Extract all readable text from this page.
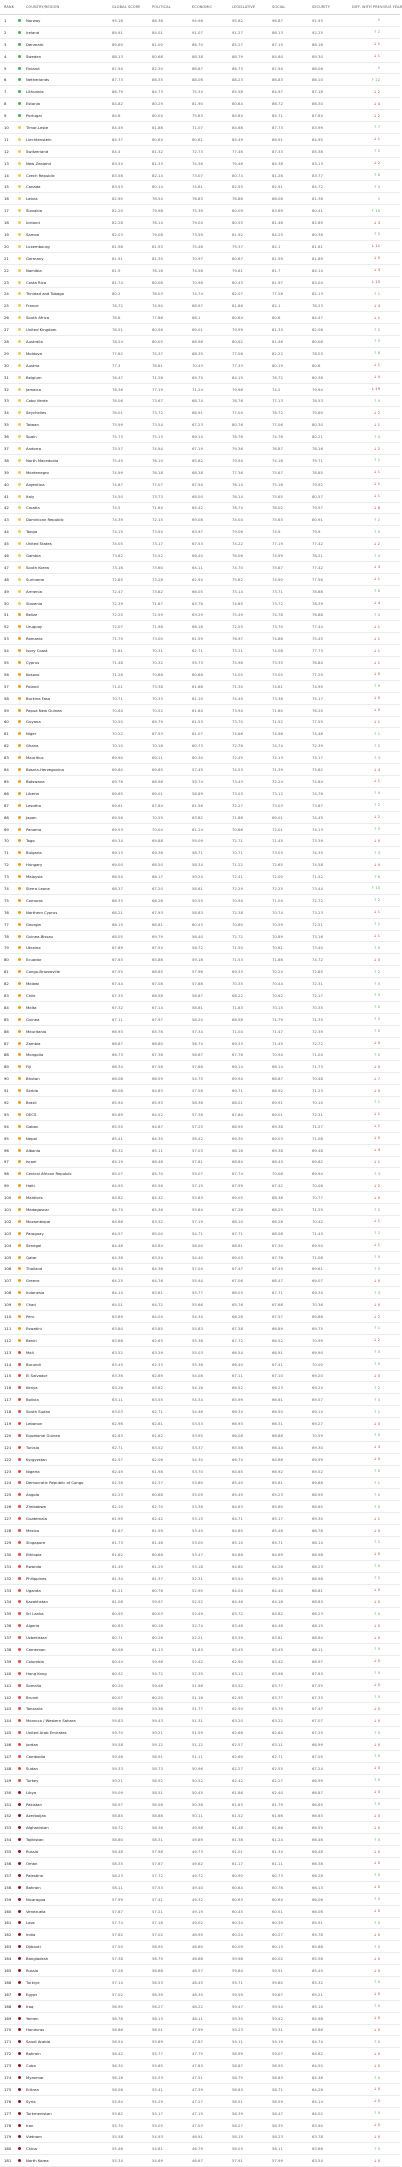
RANK	COUNTRY/REGION	GLOBAL SCORE	POLITICAL	ECONOMIC	LEGISLATIVE	SOCIAL	SECURITY	DIFF. WITH PREVIOUS YEAR
1	Norway	95.18	88.38	94.96	95.62	96.87	91.93	0
2	Ireland	89.91	84.01	91.07	91.27	86.13	92.25	↑ 2
3	Denmark	89.60	81.00	86.70	85.27	87.15	88.16	↓ 1
4	Sweden	88.13	80.68	88.38	88.79	84.60	89.30	↓ 1
5	Finland	87.94	82.30	86.87	86.73	87.94	88.06	0
6	Netherlands	87.73	86.35	88.06	88.23	86.83	86.10	↑ 22
7	Lithuania	86.79	84.73	75.34	85.58	84.97	87.18	↓ 2
8	Estonia	84.82	80.29	81.90	80.84	86.72	86.30	↓ 4
9	Portugal	84.6	80.04	75.83	84.84	85.71	87.84	↓ 2
10	Timor-Leste	84.49	81.88	71.07	84.68	87.73	83.99	↑ 7
11	Liechtenstein	84.37	80.84	80.81	85.49	86.91	84.95	↓ 1
12	Switzerland	84.4	81.32	72.73	77.46	87.33	85.38	↑ 2
13	New Zealand	83.54	81.33	74.36	79.46	84.38	83.13	↓ 2
14	Czech Republic	83.58	82.14	73.07	80.74	81.26	83.77	↑ 6
15	Canada	83.53	80.14	74.61	82.55	82.91	84.72	↑ 4
16	Latvia	82.90	78.54	76.83	78.86	86.06	81.36	0
17	Slovakia	82.20	79.98	75.39	80.09	83.69	80.41	↑ 10
18	Iceland	82.28	78.14	79.04	80.55	81.46	82.89	↓ 3
19	Samoa	82.03	79.08	73.59	81.92	84.25	80.36	↑ 2
20	Luxembourg	81.98	81.93	75.46	79.37	82.1	81.61	↓ 11
21	Germany	81.91	81.35	70.97	80.87	81.59	81.89	↓ 5
22	Namibia	81.9	78.16	74.58	79.61	81.7	84.14	↓ 3
23	Costa Rica	81.74	80.08	70.96	80.43	81.97	83.04	↓ 15
24	Trinidad and Tobago	80.2	78.03	74.74	82.07	77.28	82.13	↑ 1
25	France	78.72	74.90	68.97	81.86	82.1	78.23	↓ 3
26	South Africa	78.6	77.86	66.1	80.84	80.8	84.47	↓ 1
27	United Kingdom	78.51	80.56	69.01	79.99	81.33	82.06	↑ 2
28	Australia	78.24	80.05	68.98	80.92	81.46	80.08	↑ 5
29	Moldova	77.62	75.37	68.35	77.06	82.22	78.03	↑ 8
30	Austria	77.3	78.61	70.43	77.33	80.19	80.8	↓ 1
31	Belgium	76.47	71.28	69.75	84.15	76.72	80.38	↓ 4
32	Jamaica	76.36	77.19	71.24	79.98	74.2	79.94	↓ 19
33	Cabo Verde	76.06	73.67	68.74	78.76	77.13	78.53	↑ 4
34	Seychelles	76.01	73.72	68.91	77.04	78.72	79.60	↓ 2
35	Taiwan	75.99	73.54	67.23	80.76	77.06	80.30	↓ 1
36	Spain	75.73	75.13	69.14	78.76	74.76	80.21	↑ 4
37	Andorra	75.57	74.94	67.19	79.36	76.87	78.16	↓ 2
38	North Macedonia	75.45	76.10	65.82	79.94	74.18	79.71	↑ 1
39	Montenegro	74.99	76.18	68.38	77.36	75.67	78.85	↓ 1
40	Argentina	74.87	77.07	67.94	76.14	75.16	79.92	↓ 1
41	Italy	74.50	73.73	68.00	76.14	75.65	80.57	↓ 1
42	Croatia	74.5	71.64	65.42	78.74	78.02	79.57	↓ 6
43	Dominican Republic	74.39	72.15	69.08	74.04	75.63	80.91	↑ 2
44	Tonga	74.15	73.94	63.97	79.06	74.9	79.9	↑ 5
45	United States	74.05	73.17	67.53	74.22	77.19	77.42	↓ 2
46	Gambia	73.82	75.52	66.40	76.06	74.99	78.21	↑ 4
47	South Korea	73.16	73.60	64.11	74.70	75.87	77.42	↓ 3
48	Suriname	72.85	73.28	62.94	75.82	74.90	77.56	↓ 1
49	Armenia	72.47	73.82	66.05	75.14	73.71	78.88	↑ 6
50	Slovenia	72.39	71.87	63.76	74.85	73.72	78.39	↓ 4
51	Belize	72.20	72.59	63.29	75.49	74.78	76.88	↑ 4
52	Uruguay	72.07	71.96	66.18	72.55	73.70	77.44	↓ 1
53	Romania	71.79	73.00	61.59	76.97	74.86	75.45	↓ 1
54	Ivory Coast	71.61	70.31	62.71	73.21	74.08	77.73	↓ 1
55	Cyprus	71.48	70.32	59.73	75.96	73.35	78.84	↓ 1
56	Kosovo	71.26	70.88	60.88	74.05	73.05	77.29	↓ 0
57	Poland	71.01	73.38	61.68	71.30	74.61	74.95	↑ 9
58	Burkina Faso	70.71	70.33	61.10	74.49	73.36	75.17	↓ 0
59	Papua New Guinea	70.64	70.52	61.64	73.94	71.60	76.20	↓ 0
60	Guyana	70.50	69.79	61.53	73.70	71.52	77.55	↓ 1
61	Niger	70.22	67.93	61.07	74.68	74.96	74.48	↑ 1
62	Ghana	70.10	70.18	60.73	72.76	74.74	72.39	↑ 2
63	Mauritius	69.90	69.11	60.30	72.45	72.13	75.17	↑ 3
64	Bosnia-Herzegovina	69.80	69.85	57.45	74.53	71.39	75.62	↓ 4
65	Botswana	69.76	68.98	59.74	73.43	72.24	74.84	↓ 1
66	Liberia	69.65	69.01	58.89	73.03	73.12	74.76	↑ 4
67	Lesotho	69.61	67.84	61.56	72.27	73.03	73.87	↑ 2
68	Japan	69.56	70.55	63.82	71.88	69.01	74.45	↓ 2
69	Panama	69.53	70.04	61.24	70.68	72.01	74.13	↑ 5
70	Togo	69.34	69.88	59.09	72.71	71.45	73.39	↓ 0
71	Bulgaria	69.13	69.36	58.71	70.71	73.03	74.35	↑ 3
72	Hungary	69.00	68.50	58.34	71.22	72.65	74.58	↓ 4
73	Malaysia	68.54	68.17	59.24	72.41	72.00	71.52	↑ 6
74	Sierra Leone	68.37	67.20	58.61	72.29	72.25	73.44	↑ 10
75	Comoros	68.33	68.26	59.55	70.94	71.04	72.72	↑ 2
76	Northern Cyprus	68.21	67.93	58.83	72.38	70.74	73.23	↓ 1
77	Georgia	68.15	68.81	60.43	70.80	70.59	72.51	↑ 1
78	Guinea-Bissau	68.05	69.79	56.40	72.72	70.89	73.16	↓ 1
79	Ukraine	67.89	67.54	58.72	71.50	70.81	73.40	↑ 0
80	Ecuador	67.63	65.88	59.18	71.53	71.86	74.72	↓ 0
81	Congo-Brazzaville	67.55	68.85	57.96	69.33	70.24	72.85	↑ 2
82	Malawi	67.44	67.08	57.88	70.35	70.44	72.31	↑ 0
83	Chile	67.35	68.58	58.87	68.22	70.62	72.17	↑ 3
84	Malta	67.32	67.14	58.61	71.83	70.15	70.35	↑ 5
85	Guinea	67.11	67.97	58.20	68.58	71.79	71.35	↑ 5
86	Mauritania	66.93	65.76	57.34	71.04	71.47	72.39	↑ 0
87	Zambia	66.87	66.80	56.74	69.33	71.45	72.72	↓ 0
88	Mongolia	66.73	67.36	58.67	67.76	70.94	71.04	↑ 5
89	Fiji	66.34	67.58	57.66	69.14	68.14	71.73	↓ 0
90	Bhutan	66.08	68.59	54.75	69.94	68.87	70.48	↓ 7
91	Serbia	66.06	64.83	57.58	69.71	68.92	71.23	↓ 0
92	Brazil	65.94	65.93	58.36	68.01	69.91	70.10	↑ 1
93	OECS	65.69	64.52	57.38	67.84	69.01	72.31	↓ 1
94	Gabon	65.50	64.87	57.25	68.95	69.38	71.27	↓ 1
95	Nepal	65.41	64.35	56.42	69.30	69.03	71.08	↓ 5
96	Albania	65.32	65.11	57.03	68.16	69.38	69.48	↓ 4
97	Israel	65.19	66.48	57.81	68.84	66.43	69.82	↓ 1
98	Central African Republic	65.07	65.70	55.07	67.74	70.08	69.94	↑ 3
99	Haiti	64.95	65.56	57.15	67.99	67.42	70.06	↓ 2
100	Maldives	64.82	64.32	55.83	69.05	68.38	70.77	↓ 0
101	Madagascar	64.75	65.36	55.84	67.28	68.25	71.25	↑ 2
102	Mozambique	64.66	63.32	57.19	68.10	68.28	70.42	↓ 1
103	Paraguay	64.57	65.00	54.71	67.71	68.08	71.43	↑ 2
104	Senegal	64.48	64.84	56.00	68.61	67.30	69.50	↓ 1
105	Qatar	64.38	63.54	54.40	69.03	67.78	71.08	↑ 0
106	Thailand	64.34	64.36	57.04	67.47	67.45	69.61	↑ 5
107	Greece	64.25	64.76	55.94	67.06	68.47	69.07	↓ 0
108	Indonesia	64.14	63.61	55.77	68.03	67.71	69.34	↑ 3
109	Chad	64.01	64.72	55.66	65.76	67.68	70.36	↓ 0
110	Peru	63.89	64.04	54.34	68.28	67.57	69.88	↓ 2
111	Eswatini	63.80	63.85	55.83	67.38	66.89	69.75	↑ 1
112	Benin	63.68	62.63	55.38	67.72	66.52	70.99	↓ 2
113	Mali	63.52	63.39	55.03	66.54	66.91	69.90	↑ 0
114	Burundi	63.45	62.33	55.36	66.40	67.41	70.00	↑ 5
115	El Salvador	63.36	62.89	54.08	67.11	67.10	69.20	↓ 0
116	Kenya	63.26	63.82	54.16	66.52	66.23	69.24	↑ 2
117	Bolivia	63.11	63.55	54.34	65.99	66.61	69.57	↑ 3
118	South Sudan	63.03	62.71	54.46	66.34	66.50	69.14	↑ 1
119	Lebanon	62.96	62.81	53.53	66.93	66.31	69.27	↓ 0
120	Equatorial Guinea	62.83	61.62	53.95	66.08	66.88	70.59	↑ 0
121	Tunisia	62.71	63.52	53.37	65.58	66.44	69.30	↓ 3
122	Kyrgyzstan	62.57	62.06	54.30	66.74	64.86	69.99	↓ 0
123	Nigeria	62.49	61.98	53.70	64.65	66.92	69.52	↑ 0
124	Democratic Republic of Congo	62.38	62.37	53.60	65.40	65.81	69.86	↑ 1
125	Angola	62.23	60.88	55.09	65.49	65.23	68.99	↑ 0
126	Zimbabwe	62.10	62.70	53.38	64.63	65.80	68.65	↑ 0
127	Guatemala	61.99	62.42	53.15	64.71	65.17	69.30	↓ 1
128	Mexico	61.87	61.59	53.45	64.85	65.48	68.78	↓ 0
129	Singapore	61.73	61.46	53.00	65.10	65.71	68.14	↑ 2
130	Ethiopia	61.62	60.88	53.47	64.88	64.69	68.98	↓ 0
131	Rwanda	61.49	61.29	53.18	64.80	64.26	68.23	↑ 0
132	Philippines	61.34	61.37	52.31	63.54	65.23	68.96	↑ 2
133	Uganda	61.21	60.76	52.90	64.04	64.40	68.81	↓ 0
134	Kazakhstan	61.08	59.97	52.52	64.46	64.18	68.83	↓ 0
135	Sri Lanka	60.95	60.03	52.49	63.72	64.82	68.23	↑ 0
136	Algeria	60.83	60.18	52.74	63.48	64.48	68.15	↓ 0
137	Uzbekistan	60.71	60.26	52.21	63.39	63.81	68.64	↓ 0
138	Cameroon	60.58	61.13	51.83	63.45	63.45	68.11	↑ 0
139	Colombia	60.44	59.98	52.42	62.90	63.42	68.97	↓ 0
140	Hong Kong	60.32	59.72	52.35	63.12	63.96	67.63	↑ 0
141	Somalia	60.20	59.48	51.98	63.52	63.77	67.55	↓ 0
142	Brunei	60.07	60.20	51.16	62.95	63.77	67.33	↑ 0
143	Tanzania	59.96	59.38	51.77	62.50	63.75	67.47	↓ 0
144	Morocco / Western Sahara	59.83	59.43	51.31	63.20	63.22	67.07	↓ 0
145	United Arab Emirates	59.70	59.21	51.59	62.66	62.84	67.25	↑ 0
146	Jordan	59.58	59.12	51.12	62.57	63.11	66.99	↓ 0
147	Cambodia	59.46	58.91	51.11	62.60	62.71	67.05	↑ 0
148	Sudan	59.33	58.73	50.96	62.27	62.55	67.24	↓ 0
149	Turkey	59.21	58.92	50.52	62.42	62.27	66.99	↑ 0
150	Libya	59.09	58.51	50.45	61.86	62.40	66.87	↓ 0
151	Pakistan	58.97	58.56	50.38	61.83	61.79	66.65	↑ 0
152	Azerbaijan	58.85	58.68	50.11	61.52	61.66	66.63	↓ 0
153	Afghanistan	58.72	58.36	49.98	61.48	61.66	66.55	↓ 0
154	Tajikistan	58.60	58.31	49.89	61.38	61.24	66.46	↑ 0
155	Russia	58.48	57.98	49.73	61.01	61.34	66.48	↓ 0
156	Oman	58.35	57.67	49.62	61.17	61.11	66.38	↓ 0
157	Palestine	58.23	57.72	49.72	60.90	60.73	66.28	↑ 0
158	Bahrain	58.11	57.53	49.40	60.84	60.76	66.13	↓ 0
159	Nicaragua	57.99	57.41	49.32	60.63	60.64	66.06	↑ 0
160	Venezuela	57.87	57.21	49.19	60.45	60.51	66.06	↓ 0
161	Laos	57.74	57.18	49.02	60.34	60.39	65.91	↑ 0
162	India	57.62	57.02	48.95	60.24	60.27	65.78	↓ 0
163	Djibouti	57.50	56.95	48.80	60.09	60.13	65.68	↑ 0
164	Bangladesh	57.38	56.79	48.68	59.98	60.02	65.58	↓ 0
165	Russia	57.26	56.68	48.57	59.84	59.91	65.45	↓ 0
166	Turkiye	57.14	56.53	48.45	59.71	59.80	65.32	↑ 0
167	Egypt	57.02	56.39	48.35	59.59	59.67	65.21	↓ 0
168	Iraq	56.90	56.27	48.22	59.47	59.54	65.10	↑ 0
169	Yemen	56.78	56.13	48.11	59.35	59.42	64.98	↓ 0
170	Honduras	56.66	56.01	47.99	59.23	59.31	64.86	↓ 0
171	Saudi Arabia	56.54	55.89	47.87	59.11	59.19	64.74	↑ 0
172	Bahrain	56.42	55.77	47.75	58.99	59.07	64.62	↓ 0
173	Cuba	56.30	55.65	47.63	58.87	58.95	64.50	↓ 0
174	Myanmar	56.18	55.53	47.51	58.75	58.83	64.38	↑ 0
175	Eritrea	56.06	55.41	47.39	58.63	58.71	64.26	↓ 0
176	Syria	55.94	55.29	47.27	58.51	58.59	64.14	↓ 0
177	Turkmenistan	55.82	55.17	47.15	58.39	58.47	64.02	↑ 0
178	Iran	55.70	55.05	47.03	58.27	58.35	63.90	↓ 0
179	Vietnam	55.58	54.93	46.91	58.15	58.23	63.78	↓ 0
180	China	55.46	54.81	46.79	58.03	58.11	63.66	↑ 0
181	North Korea	55.34	54.69	46.67	57.91	57.99	63.54	↓ 0
